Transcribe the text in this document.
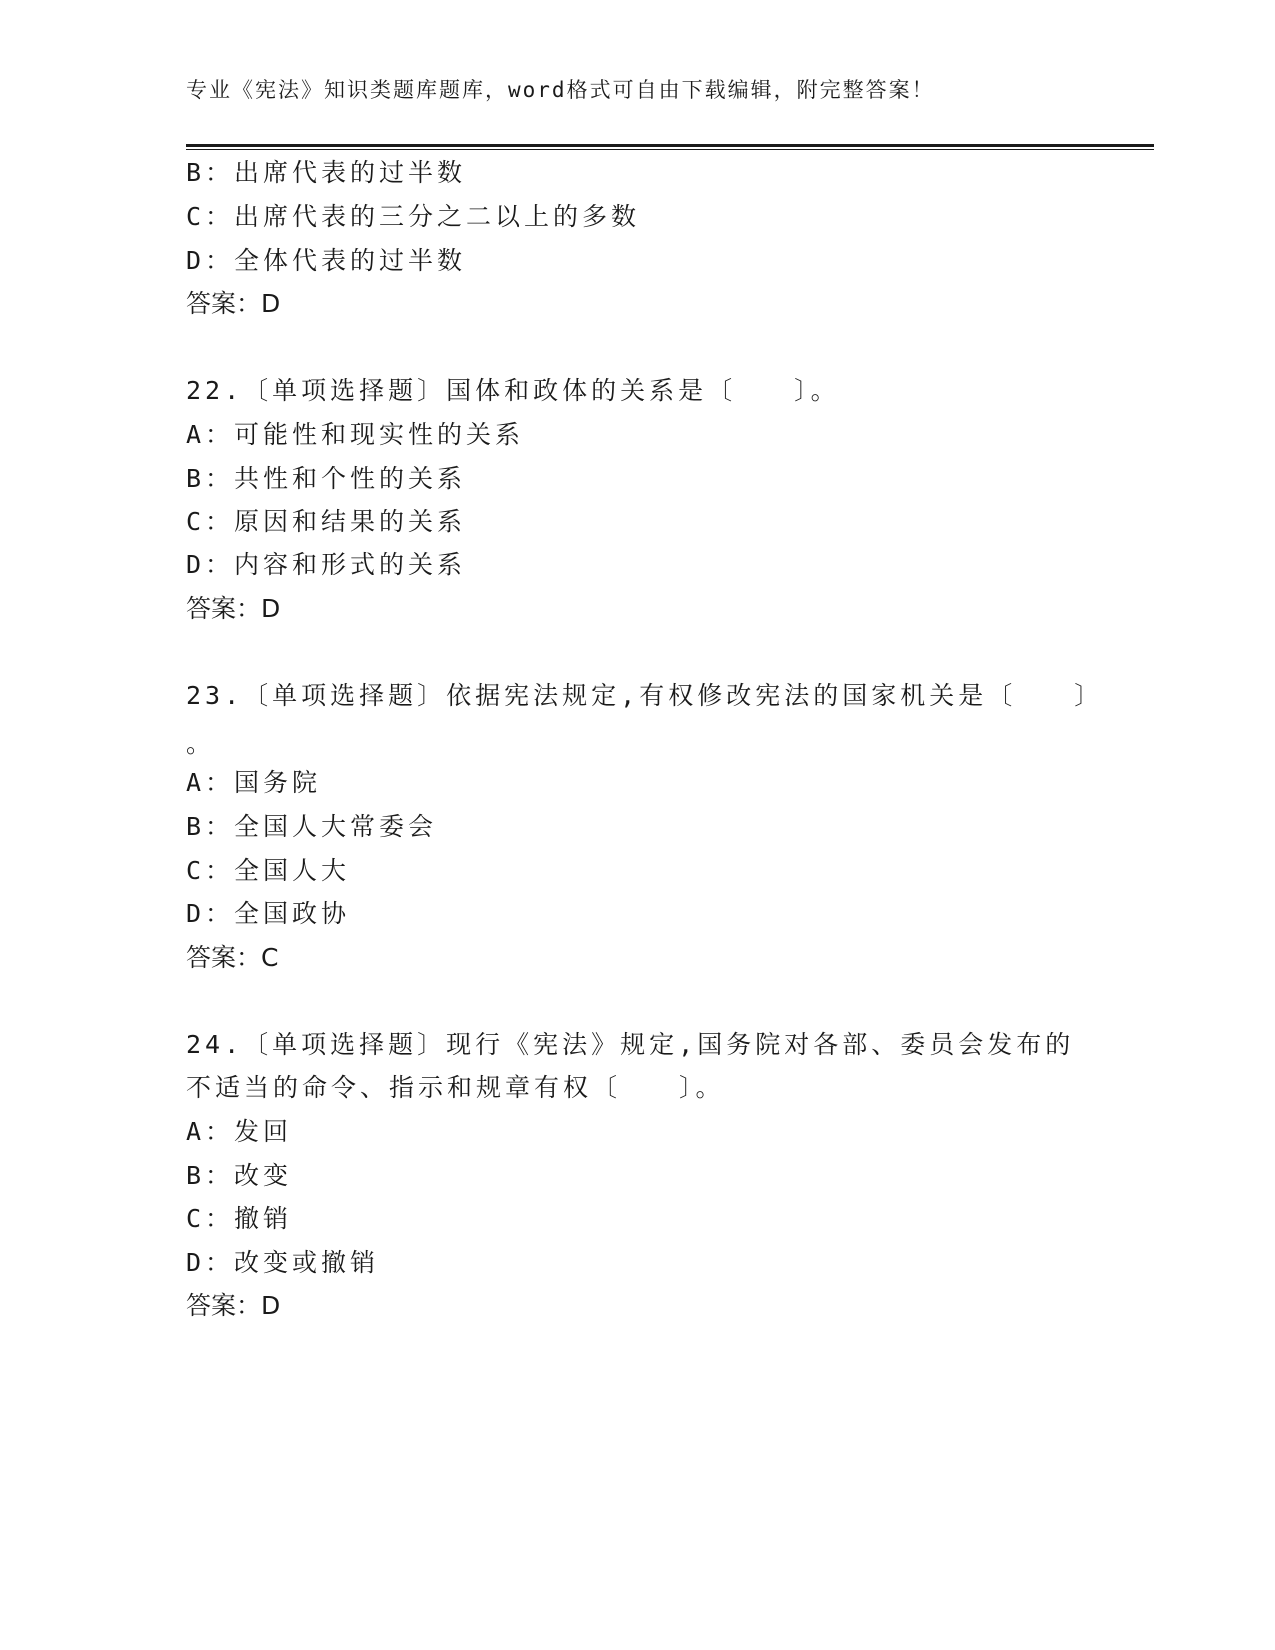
专业《宪法》知识类题库题库，word格式可自由下载编辑，附完整答案！
B：出席代表的过半数
C：出席代表的三分之二以上的多数
D：全体代表的过半数
答案：D
22.〔单项选择题〕国体和政体的关系是〔　　〕。
A：可能性和现实性的关系
B：共性和个性的关系
C：原因和结果的关系
D：内容和形式的关系
答案：D
23.〔单项选择题〕依据宪法规定,有权修改宪法的国家机关是〔　　〕
。
A：国务院
B：全国人大常委会
C：全国人大
D：全国政协
答案：C
24.〔单项选择题〕现行《宪法》规定,国务院对各部、委员会发布的
不适当的命令、指示和规章有权〔　　〕。
A：发回
B：改变
C：撤销
D：改变或撤销
答案：D
